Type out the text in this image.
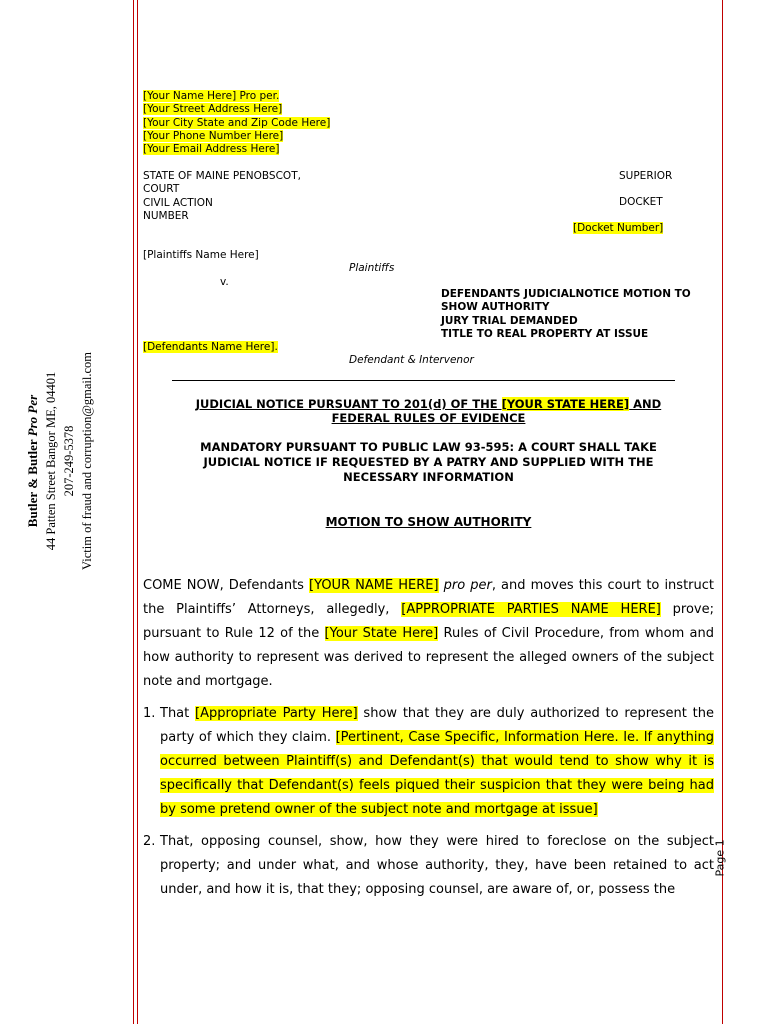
Butler & Butler Pro Per 44 Patten Street Bangor ME, 04401 207-249-5378 Victim of fraud and corruption@gmail.com
[Your Name Here] Pro per.
[Your Street Address Here]
[Your City State and Zip Code Here]
[Your Phone Number Here]
[Your Email Address Here]
STATE OF MAINE PENOBSCOT,
COURT
CIVIL ACTION
NUMBER
SUPERIOR
DOCKET
[Docket Number]
[Plaintiffs Name Here]
Plaintiffs
v.
DEFENDANTS JUDICIALNOTICE MOTION TO
SHOW AUTHORITY
JURY TRIAL DEMANDED
TITLE TO REAL PROPERTY AT ISSUE
[Defendants Name Here].
Defendant & Intervenor
JUDICIAL NOTICE PURSUANT TO 201(d) OF THE [YOUR STATE HERE] AND
FEDERAL RULES OF EVIDENCE
MANDATORY PURSUANT TO PUBLIC LAW 93-595: A COURT SHALL TAKE
JUDICIAL NOTICE IF REQUESTED BY A PATRY AND SUPPLIED WITH THE
NECESSARY INFORMATION
MOTION TO SHOW AUTHORITY
COME NOW, Defendants [YOUR NAME HERE] pro per, and moves this court to instruct the Plaintiffs’ Attorneys, allegedly, [APPROPRIATE PARTIES NAME HERE] prove; pursuant to Rule 12 of the [Your State Here] Rules of Civil Procedure, from whom and how authority to represent was derived to represent the alleged owners of the subject note and mortgage.
1. That [Appropriate Party Here] show that they are duly authorized to represent the party of which they claim. [Pertinent, Case Specific, Information Here. Ie. If anything occurred between Plaintiff(s) and Defendant(s) that would tend to show why it is specifically that Defendant(s) feels piqued their suspicion that they were being had by some pretend owner of the subject note and mortgage at issue]
2. That, opposing counsel, show, how they were hired to foreclose on the subject property; and under what, and whose authority, they, have been retained to act under, and how it is, that they; opposing counsel, are aware of, or, possess the
Page 1
